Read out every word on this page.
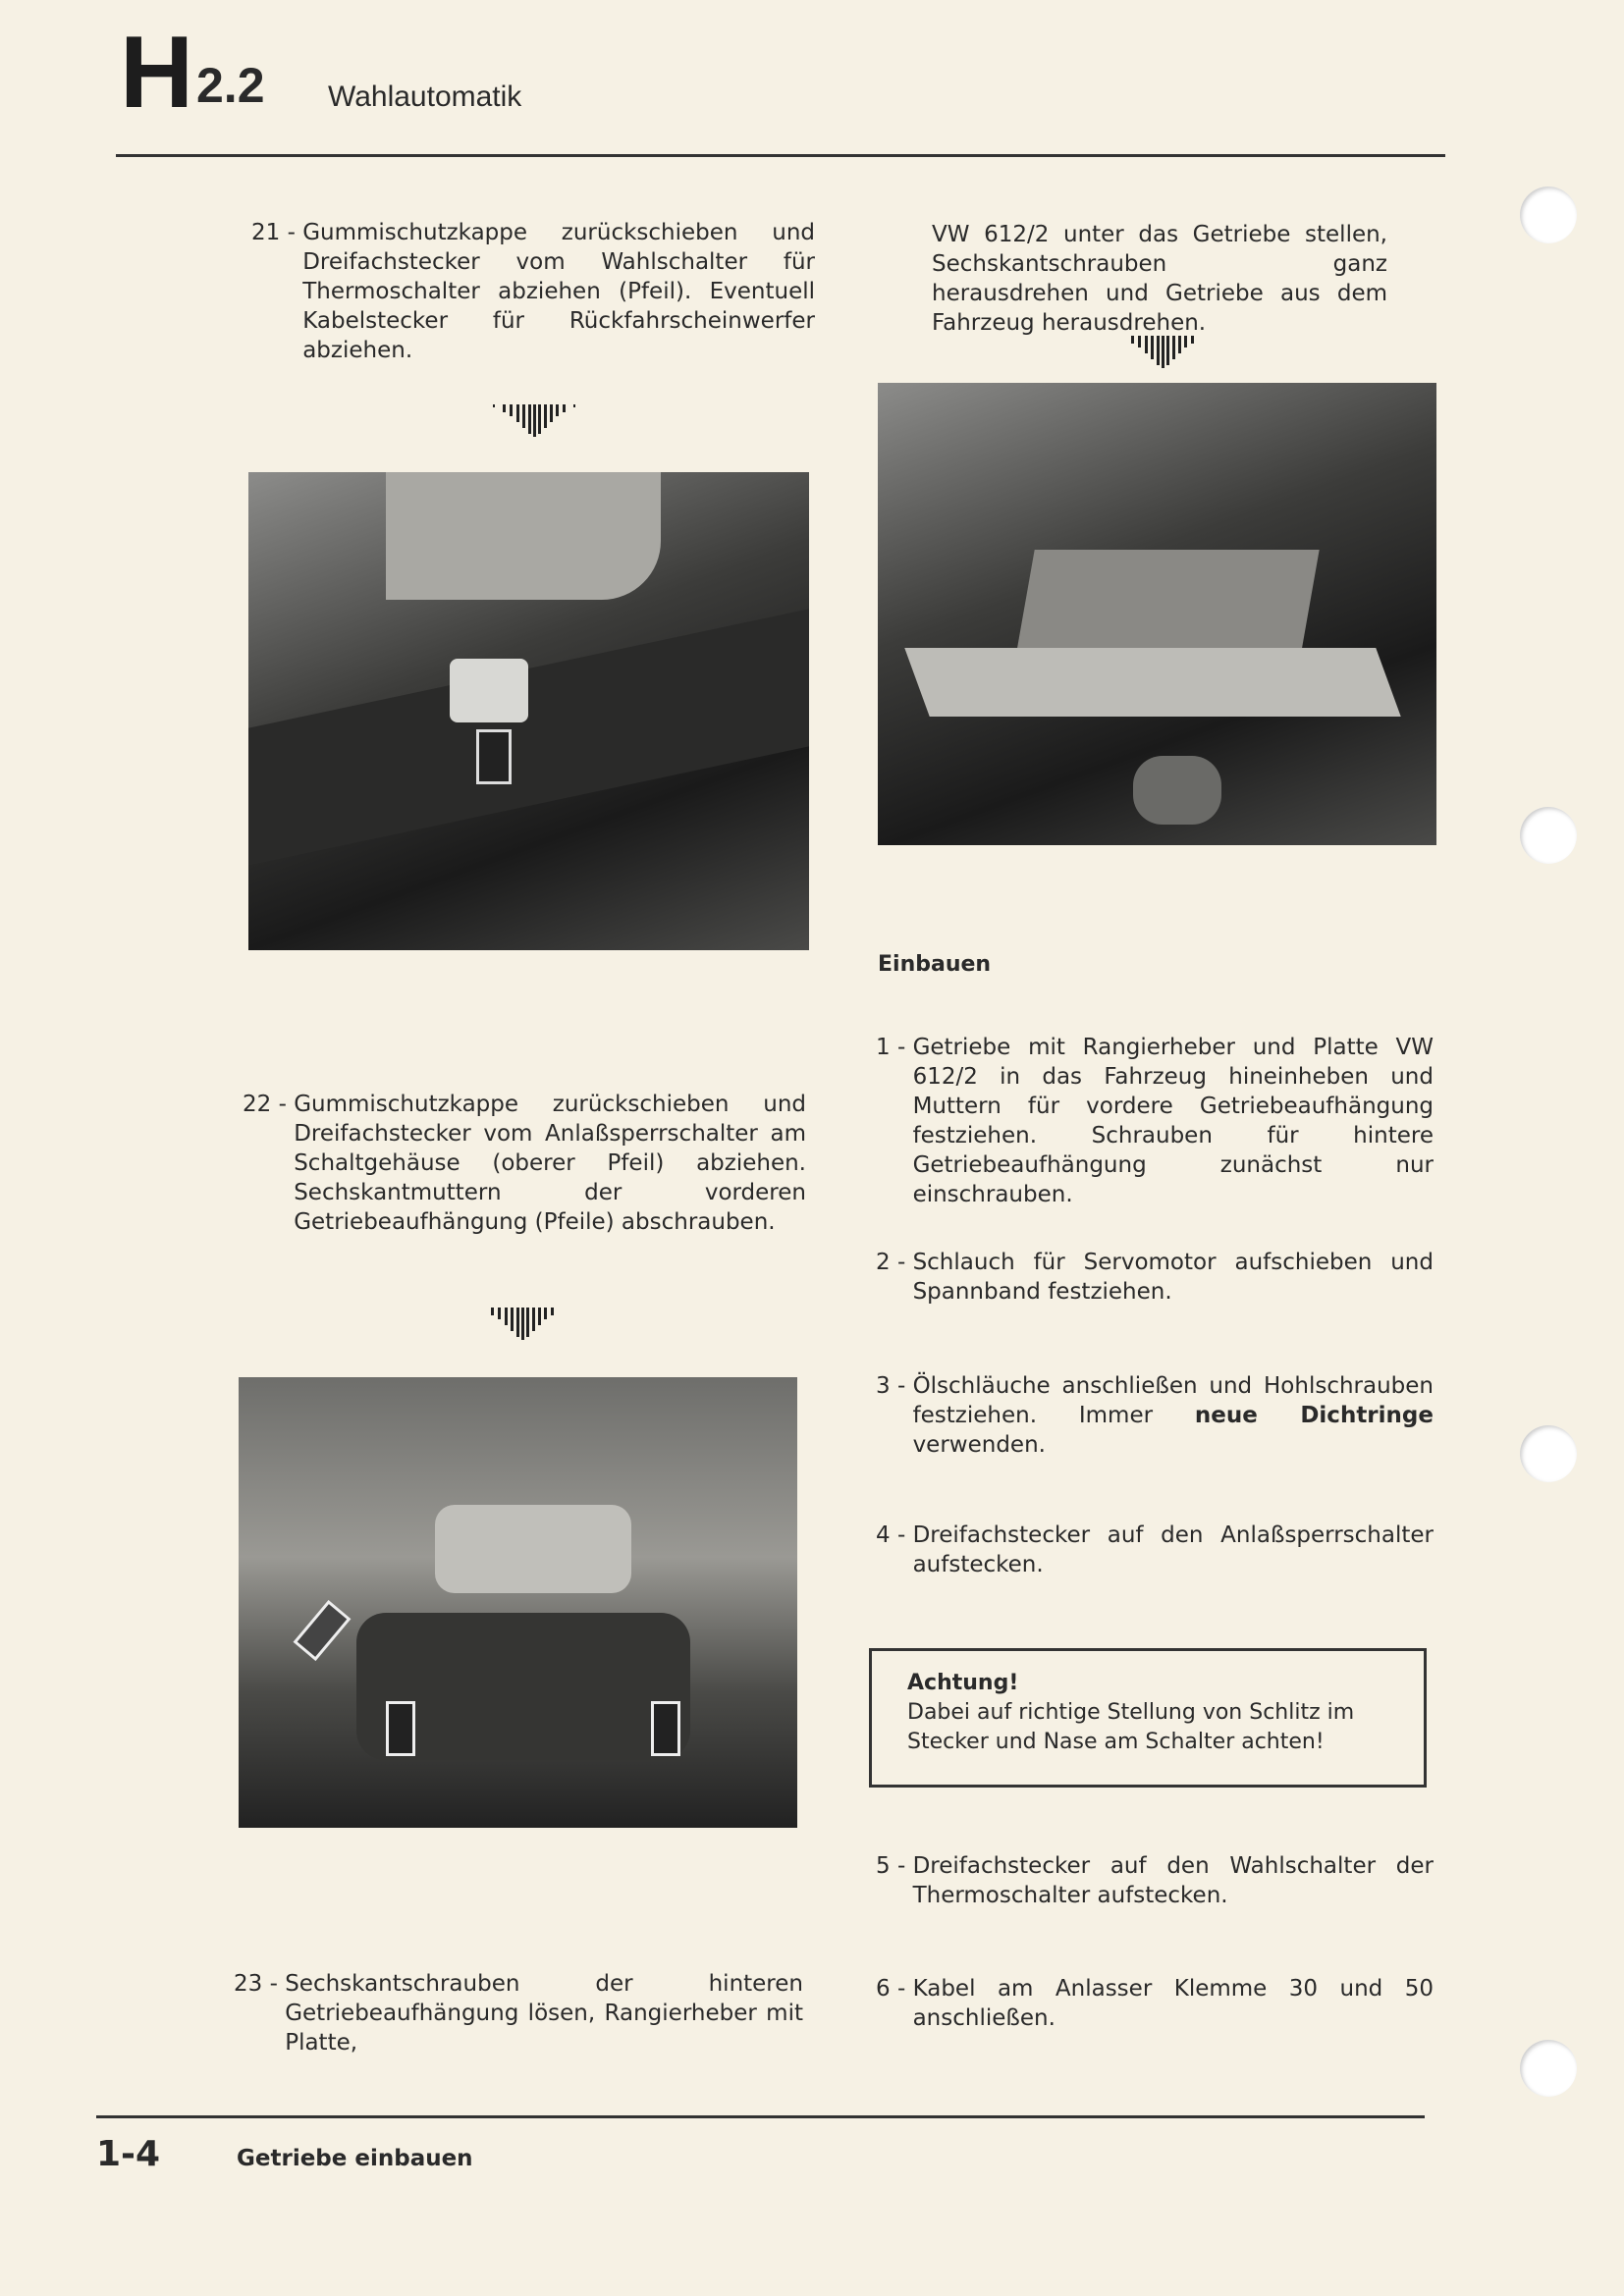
H 2.2 Wahlautomatik
21 - Gummischutzkappe zurückschieben und Dreifachstecker vom Wahlschalter für Thermoschalter abziehen (Pfeil). Eventuell Kabelstecker für Rückfahrscheinwerfer abziehen.
22 - Gummischutzkappe zurückschieben und Dreifachstecker vom Anlaßsperrschalter am Schaltgehäuse (oberer Pfeil) abziehen. Sechskantmuttern der vorderen Getriebeaufhängung (Pfeile) abschrauben.
23 - Sechskantschrauben der hinteren Getriebeaufhängung lösen, Rangierheber mit Platte,
VW 612/2 unter das Getriebe stellen, Sechskantschrauben ganz herausdrehen und Getriebe aus dem Fahrzeug herausdrehen.
Einbauen
1 - Getriebe mit Rangierheber und Platte VW 612/2 in das Fahrzeug hineinheben und Muttern für vordere Getriebeaufhängung festziehen. Schrauben für hintere Getriebeaufhängung zunächst nur einschrauben.
2 - Schlauch für Servomotor aufschieben und Spannband festziehen.
3 - Ölschläuche anschließen und Hohlschrauben festziehen. Immer neue Dichtringe verwenden.
4 - Dreifachstecker auf den Anlaßsperrschalter aufstecken.
Achtung!
Dabei auf richtige Stellung von Schlitz im Stecker und Nase am Schalter achten!
5 - Dreifachstecker auf den Wahlschalter der Thermoschalter aufstecken.
6 - Kabel am Anlasser Klemme 30 und 50 anschließen.
1-4	Getriebe einbauen
